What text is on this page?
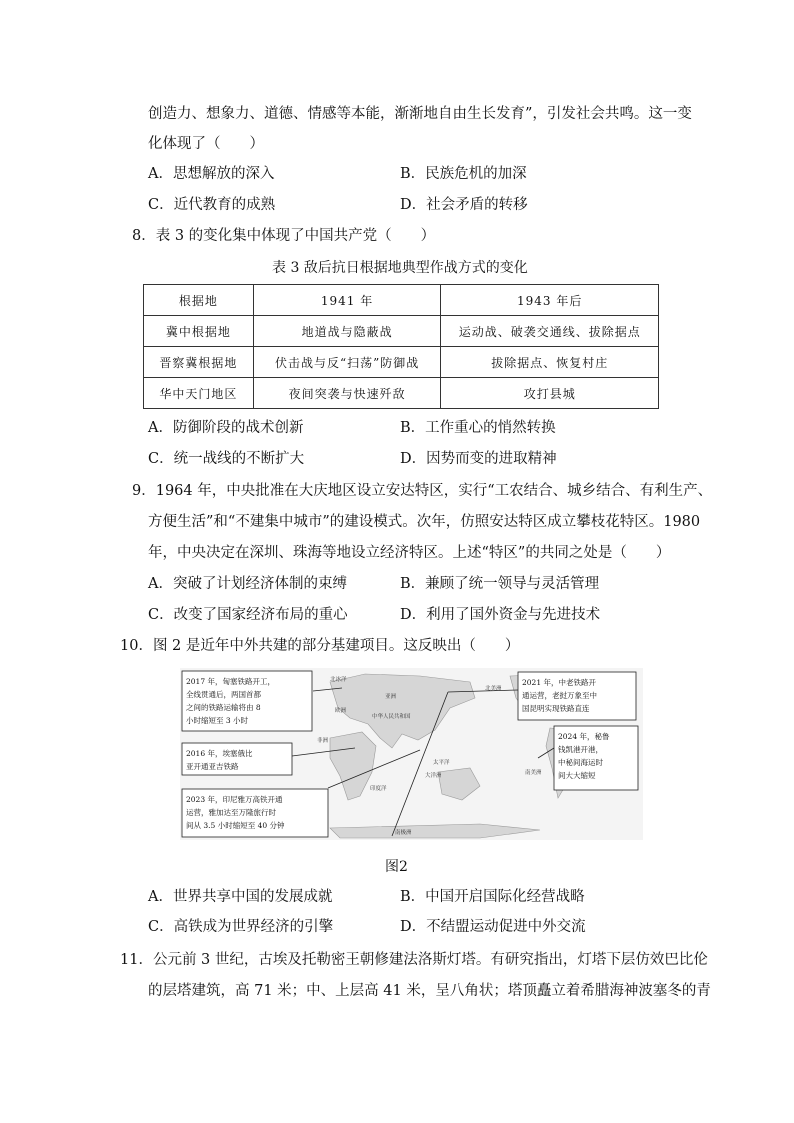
创造力、想象力、道德、情感等本能，渐渐地自由生长发育”，引发社会共鸣。这一变
化体现了（　　）
A．思想解放的深入	B．民族危机的加深
C．近代教育的成熟	D．社会矛盾的转移
8．表 3 的变化集中体现了中国共产党（　　）
表 3 敌后抗日根据地典型作战方式的变化
根据地	1941 年	1943 年后
冀中根据地	地道战与隐蔽战	运动战、破袭交通线、拔除据点
晋察冀根据地	伏击战与反“扫荡”防御战	拔除据点、恢复村庄
华中天门地区	夜间突袭与快速歼敌	攻打县城
A．防御阶段的战术创新	B．工作重心的悄然转换
C．统一战线的不断扩大	D．因势而变的进取精神
9．1964 年，中央批准在大庆地区设立安达特区，实行“工农结合、城乡结合、有利生产、
方便生活”和“不建集中城市”的建设模式。次年，仿照安达特区成立攀枝花特区。1980
年，中央决定在深圳、珠海等地设立经济特区。上述“特区”的共同之处是（　　）
A．突破了计划经济体制的束缚	B．兼顾了统一领导与灵活管理
C．改变了国家经济布局的重心	D．利用了国外资金与先进技术
10．图 2 是近年中外共建的部分基建项目。这反映出（　　）
北冰洋
欧洲
亚洲
中华人民共和国
非洲
印度洋
太平洋
大洋洲
北美洲
南美洲
南极洲
2017 年，匈塞铁路开工，
全线贯通后，两国首都
之间的铁路运输将由 8
小时缩短至 3 小时
2016 年，埃塞俄比
亚开通亚吉铁路
2023 年，印尼雅万高铁开通
运营，雅加达至万隆旅行时
间从 3.5 小时缩短至 40 分钟
2021 年，中老铁路开
通运营，老挝万象至中
国昆明实现铁路直连
2024 年，秘鲁
钱凯港开港，
中秘间海运时
间大大缩短
图2
A．世界共享中国的发展成就	B．中国开启国际化经营战略
C．高铁成为世界经济的引擎	D．不结盟运动促进中外交流
11．公元前 3 世纪，古埃及托勒密王朝修建法洛斯灯塔。有研究指出，灯塔下层仿效巴比伦
的层塔建筑，高 71 米；中、上层高 41 米，呈八角状；塔顶矗立着希腊海神波塞冬的青
